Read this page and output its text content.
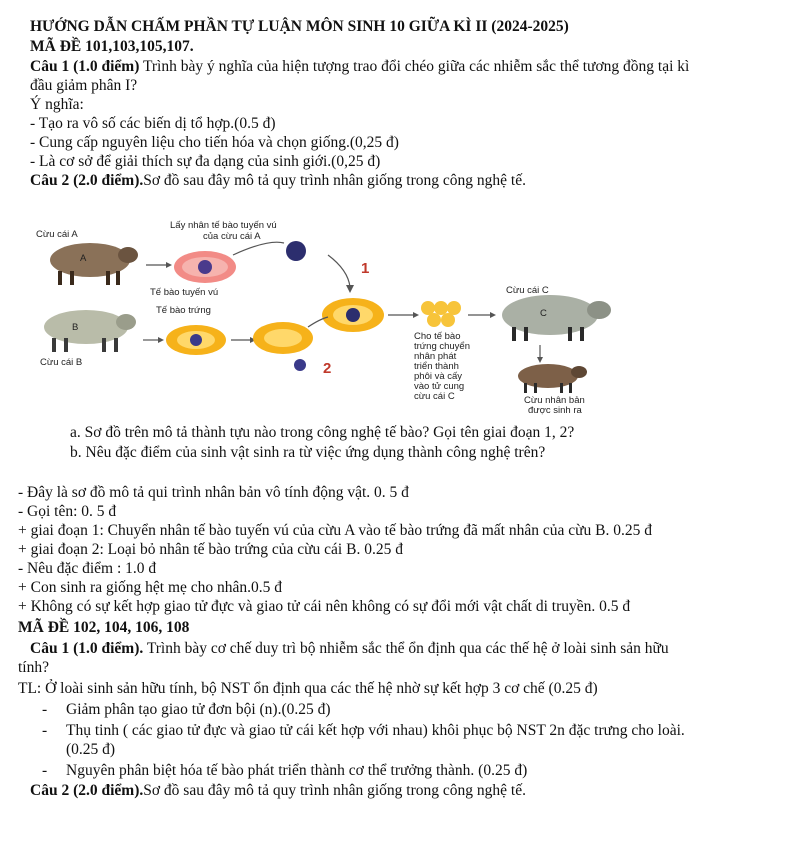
HƯỚNG DẪN CHẤM PHẦN TỰ LUẬN MÔN SINH 10 GIỮA KÌ II (2024-2025)
MÃ ĐỀ 101,103,105,107.
Câu 1 (1.0 điểm) Trình bày ý nghĩa của hiện tượng trao đổi chéo giữa các nhiễm sắc thể tương đồng tại kì
đầu giảm phân I?
Ý nghĩa:
- Tạo ra vô số các biến dị tổ hợp.(0.5 đ)
- Cung cấp nguyên liệu cho tiến hóa và chọn giống.(0,25 đ)
- Là cơ sở để giải thích sự đa dạng của sinh giới.(0,25 đ)
Câu 2 (2.0 điểm).Sơ đồ sau đây mô tả quy trình nhân giống trong công nghệ tế.
Cừu cái A
A
Lấy nhân tế bào tuyến vú
của cừu cái A
Tế bào tuyến vú
Tế bào trứng
B
Cừu cái B
Cừu cái C
C
1
2
Cho tế bào
trứng chuyển
nhân phát
triển thành
phôi và cấy
vào tử cung
cừu cái C	Cừu nhân bản
được sinh ra
a. Sơ đồ trên mô tả thành tựu nào trong công nghệ tế bào? Gọi tên giai đoạn 1, 2?
b. Nêu đặc điểm của sinh vật sinh ra từ việc ứng dụng thành công nghệ trên?
- Đây là sơ đồ mô tả qui trình nhân bản vô tính động vật. 0. 5 đ
- Gọi tên: 0. 5 đ
+ giai đoạn 1: Chuyển nhân tế bào tuyến vú của cừu A vào tế bào trứng đã mất nhân của cừu B. 0.25 đ
+ giai đoạn 2: Loại bỏ nhân tế bào trứng của cừu cái B. 0.25 đ
- Nêu đặc điểm : 1.0 đ
+ Con sinh ra giống hệt mẹ cho nhân.0.5 đ
+ Không có sự kết hợp giao tử đực và giao tử cái nên không có sự đổi mới vật chất di truyền. 0.5 đ
MÃ ĐỀ 102, 104, 106, 108
Câu 1 (1.0 điểm). Trình bày cơ chế duy trì bộ nhiễm sắc thể ổn định qua các thế hệ ở loài sinh sản hữu
tính?
TL: Ở loài sinh sản hữu tính, bộ NST ổn định qua các thế hệ nhờ sự kết hợp 3 cơ chế (0.25 đ)
- Giảm phân tạo giao tử đơn bội (n).(0.25 đ)
- Thụ tinh ( các giao tử đực và giao tử cái kết hợp với nhau) khôi phục bộ NST 2n đặc trưng cho loài.
(0.25 đ)
- Nguyên phân biệt hóa tế bào phát triển thành cơ thể trưởng thành. (0.25 đ)
Câu 2 (2.0 điểm).Sơ đồ sau đây mô tả quy trình nhân giống trong công nghệ tế.
